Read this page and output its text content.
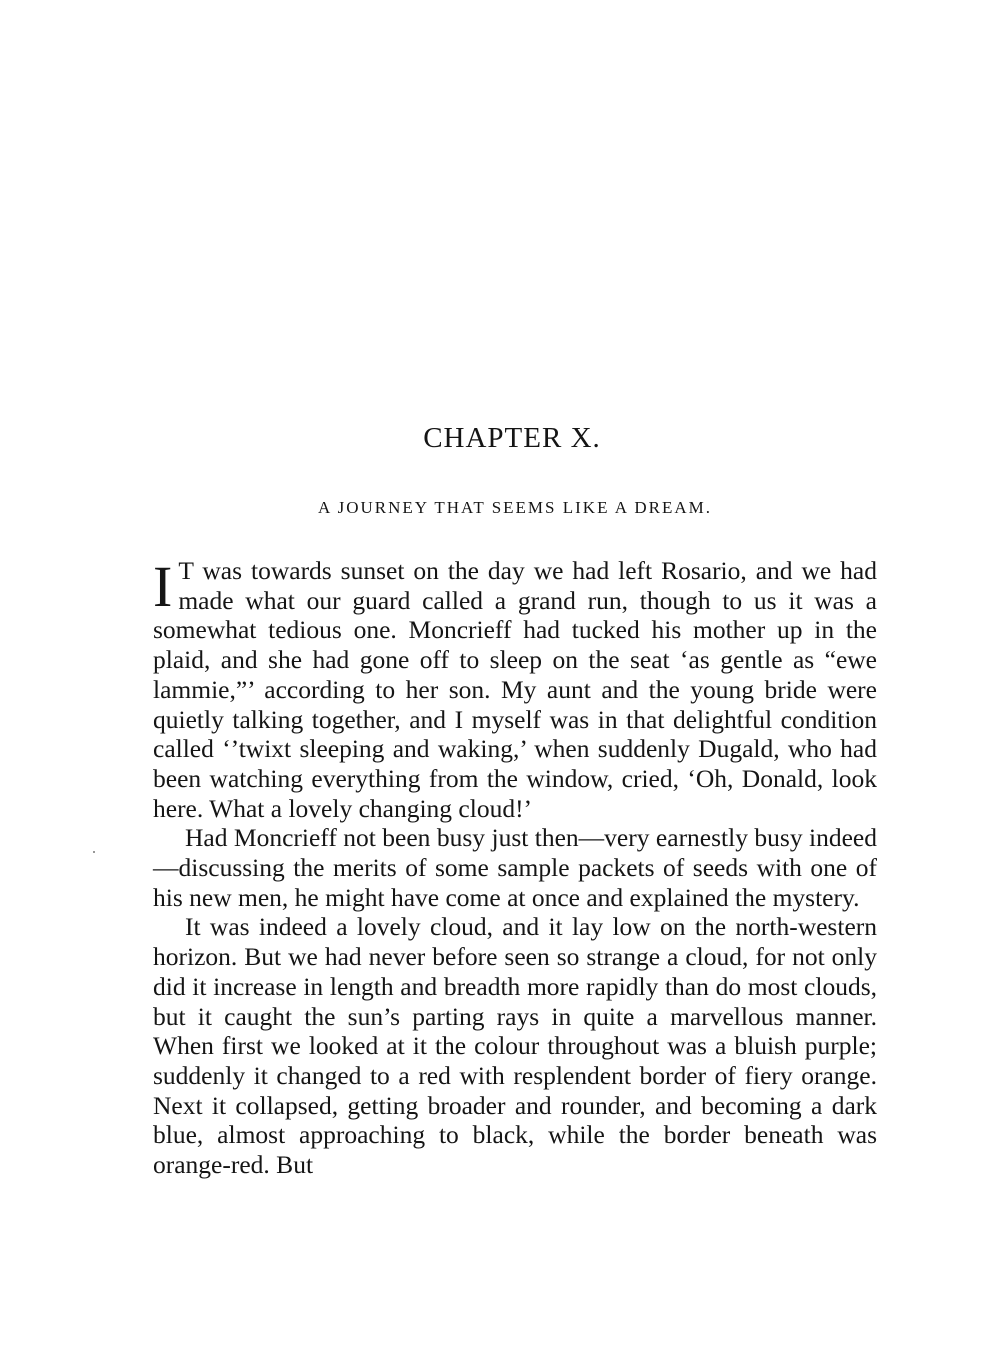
CHAPTER X.
A JOURNEY THAT SEEMS LIKE A DREAM.

I T was towards sunset on the day we had left Rosario, and we had made what our guard called a grand run, though to us it was a somewhat tedious one. Moncrieff had tucked his mother up in the plaid, and she had gone off to sleep on the seat ‘as gentle as “ewe lammie,”’ according to her son. My aunt and the young bride were quietly talking together, and I myself was in that delightful condition called ‘’twixt sleeping and waking,’ when suddenly Dugald, who had been watching everything from the window, cried, ‘Oh, Donald, look here. What a lovely changing cloud!’

Had Moncrieff not been busy just then—very earnestly busy indeed—discussing the merits of some sample packets of seeds with one of his new men, he might have come at once and explained the mystery.

It was indeed a lovely cloud, and it lay low on the north-western horizon. But we had never before seen so strange a cloud, for not only did it increase in length and breadth more rapidly than do most clouds, but it caught the sun’s parting rays in quite a marvellous manner. When first we looked at it the colour throughout was a bluish purple; suddenly it changed to a red with resplendent border of fiery orange. Next it collapsed, getting broader and rounder, and becoming a dark blue, almost approaching to black, while the border beneath was orange-red. But
